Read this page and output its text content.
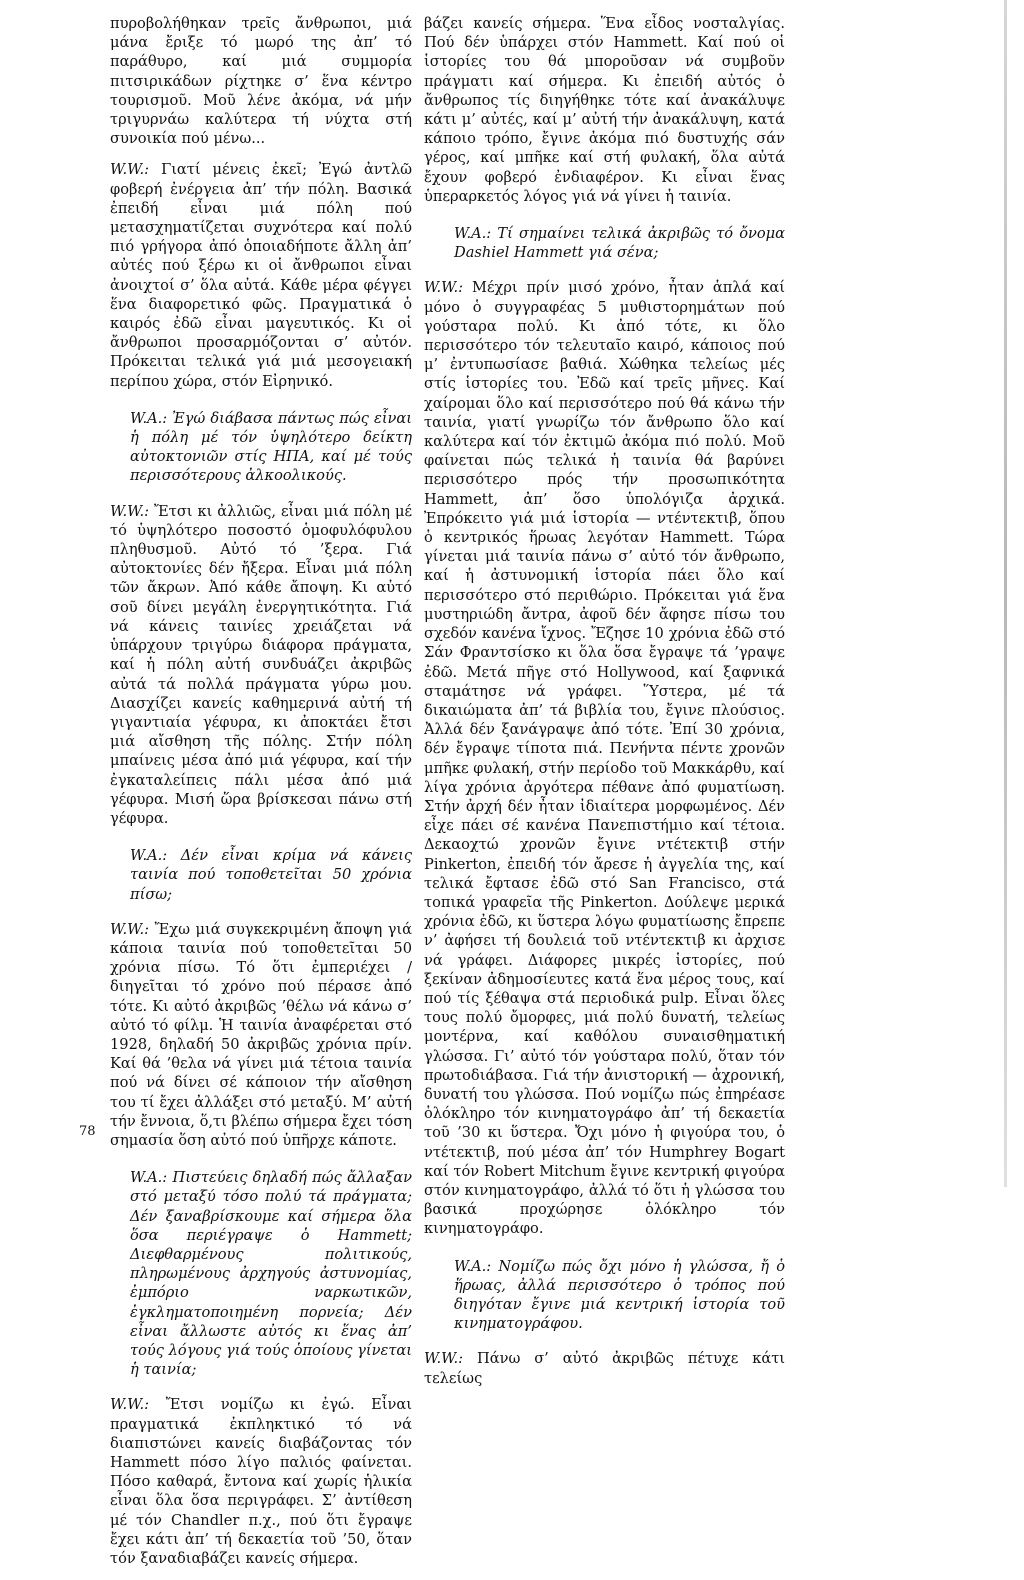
πυροβολήθηκαν τρεῖς ἄνθρωποι, μιά μάνα ἔριξε τό μωρό της ἀπ’ τό παράθυρο, καί μιά συμμορία πιτσιρικάδων ρίχτηκε σ’ ἕνα κέντρο τουρισμοῦ. Μοῦ λένε ἀκόμα, νά μήν τριγυρνάω καλύτερα τή νύχτα στή συνοικία πού μένω...
W.W.: Γιατί μένεις ἐκεῖ; Ἐγώ ἀντλῶ φοβερή ἐνέργεια ἀπ’ τήν πόλη. Βασικά ἐπειδή εἶναι μιά πόλη πού μετασχηματίζεται συχνότερα καί πολύ πιό γρήγορα ἀπό ὁποιαδήποτε ἄλλη ἀπ’ αὐτές πού ξέρω κι οἱ ἄνθρωποι εἶναι ἀνοιχτοί σ’ ὅλα αὐτά. Κάθε μέρα φέγγει ἕνα διαφορετικό φῶς. Πραγματικά ὁ καιρός ἐδῶ εἶναι μαγευτικός. Κι οἱ ἄνθρωποι προσαρμόζονται σ’ αὐτόν. Πρόκειται τελικά γιά μιά μεσογειακή περίπου χώρα, στόν Εἰρηνικό.
W.A.: Ἐγώ διάβασα πάντως πώς εἶναι ἡ πόλη μέ τόν ὑψηλότερο δείκτη αὐτοκτονιῶν στίς ΗΠΑ, καί μέ τούς περισσότερους ἀλκοολικούς.
W.W.: Ἔτσι κι ἀλλιῶς, εἶναι μιά πόλη μέ τό ὑψηλότερο ποσοστό ὁμοφυλόφυλου πληθυσμοῦ. Αὐτό τό ’ξερα. Γιά αὐτοκτονίες δέν ἤξερα. Εἶναι μιά πόλη τῶν ἄκρων. Ἀπό κάθε ἄποψη. Κι αὐτό σοῦ δίνει μεγάλη ἐνεργητικότητα. Γιά νά κάνεις ταινίες χρειάζεται νά ὑπάρχουν τριγύρω διάφορα πράγματα, καί ἡ πόλη αὐτή συνδυάζει ἀκριβῶς αὐτά τά πολλά πράγματα γύρω μου. Διασχίζει κανείς καθημερινά αὐτή τή γιγαντιαία γέφυρα, κι ἀποκτάει ἔτσι μιά αἴσθηση τῆς πόλης. Στήν πόλη μπαίνεις μέσα ἀπό μιά γέφυρα, καί τήν ἐγκαταλείπεις πάλι μέσα ἀπό μιά γέφυρα. Μισή ὥρα βρίσκεσαι πάνω στή γέφυρα.
W.A.: Δέν εἶναι κρίμα νά κάνεις ταινία πού τοποθετεῖται 50 χρόνια πίσω;
W.W.: Ἔχω μιά συγκεκριμένη ἄποψη γιά κάποια ταινία πού τοποθετεῖται 50 χρόνια πίσω. Τό ὅτι ἐμπεριέχει / διηγεῖται τό χρόνο πού πέρασε ἀπό τότε. Κι αὐτό ἀκριβῶς ’θέλω νά κάνω σ’ αὐτό τό φίλμ. Ἡ ταινία ἀναφέρεται στό 1928, δηλαδή 50 ἀκριβῶς χρόνια πρίν. Καί θά ’θελα νά γίνει μιά τέτοια ταινία πού νά δίνει σέ κάποιον τήν αἴσθηση του τί ἔχει ἀλλάξει στό μεταξύ. Μ’ αὐτή τήν ἔννοια, ὅ,τι βλέπω σήμερα ἔχει τόση σημασία ὅση αὐτό πού ὑπῆρχε κάποτε.
W.A.: Πιστεύεις δηλαδή πώς ἄλλαξαν στό μεταξύ τόσο πολύ τά πράγματα; Δέν ξαναβρίσκουμε καί σήμερα ὅλα ὅσα περιέγραψε ὁ Hammett; Διεφθαρμένους πολιτικούς, πληρωμένους ἀρχηγούς ἀστυνομίας, ἐμπόριο ναρκωτικῶν, ἐγκληματοποιημένη πορνεία; Δέν εἶναι ἄλλωστε αὐτός κι ἕνας ἀπ’ τούς λόγους γιά τούς ὁποίους γίνεται ἡ ταινία;
W.W.: Ἔτσι νομίζω κι ἐγώ. Εἶναι πραγματικά ἐκπληκτικό τό νά διαπιστώνει κανείς διαβάζοντας τόν Hammett πόσο λίγο παλιός φαίνεται. Πόσο καθαρά, ἔντονα καί χωρίς ἡλικία εἶναι ὅλα ὅσα περιγράφει. Σ’ ἀντίθεση μέ τόν Chandler π.χ., πού ὅτι ἔγραψε ἔχει κάτι ἀπ’ τή δεκαετία τοῦ ’50, ὅταν τόν ξαναδιαβάζει κανείς σήμερα.
βάζει κανείς σήμερα. Ἕνα εἶδος νοσταλγίας. Πού δέν ὑπάρχει στόν Hammett. Καί πού οἱ ἱστορίες του θά μποροῦσαν νά συμβοῦν πράγματι καί σήμερα. Κι ἐπειδή αὐτός ὁ ἄνθρωπος τίς διηγήθηκε τότε καί ἀνακάλυψε κάτι μ’ αὐτές, καί μ’ αὐτή τήν ἀνακάλυψη, κατά κάποιο τρόπο, ἔγινε ἀκόμα πιό δυστυχής σάν γέρος, καί μπῆκε καί στή φυλακή, ὅλα αὐτά ἔχουν φοβερό ἐνδιαφέρον. Κι εἶναι ἕνας ὑπεραρκετός λόγος γιά νά γίνει ἡ ταινία.
W.A.: Τί σημαίνει τελικά ἀκριβῶς τό ὄνομα Dashiel Hammett γιά σένα;
W.W.: Μέχρι πρίν μισό χρόνο, ἦταν ἁπλά καί μόνο ὁ συγγραφέας 5 μυθιστορημάτων πού γούσταρα πολύ. Κι ἀπό τότε, κι ὅλο περισσότερο τόν τελευταῖο καιρό, κάποιος πού μ’ ἐντυπωσίασε βαθιά. Χώθηκα τελείως μές στίς ἱστορίες του. Ἐδῶ καί τρεῖς μῆνες. Καί χαίρομαι ὅλο καί περισσότερο πού θά κάνω τήν ταινία, γιατί γνωρίζω τόν ἄνθρωπο ὅλο καί καλύτερα καί τόν ἐκτιμῶ ἀκόμα πιό πολύ. Μοῦ φαίνεται πώς τελικά ἡ ταινία θά βαρύνει περισσότερο πρός τήν προσωπικότητα Hammett, ἀπ’ ὅσο ὑπολόγιζα ἀρχικά. Ἐπρόκειτο γιά μιά ἱστορία — ντέντεκτιβ, ὅπου ὁ κεντρικός ἥρωας λεγόταν Hammett. Τώρα γίνεται μιά ταινία πάνω σ’ αὐτό τόν ἄνθρωπο, καί ἡ ἀστυνομική ἱστορία πάει ὅλο καί περισσότερο στό περιθώριο. Πρόκειται γιά ἕνα μυστηριώδη ἄντρα, ἀφοῦ δέν ἄφησε πίσω του σχεδόν κανένα ἴχνος. Ἔζησε 10 χρόνια ἐδῶ στό Σάν Φραντσίσκο κι ὅλα ὅσα ἔγραψε τά ’γραψε ἐδῶ. Μετά πῆγε στό Hollywood, καί ξαφνικά σταμάτησε νά γράφει. Ὕστερα, μέ τά δικαιώματα ἀπ’ τά βιβλία του, ἔγινε πλούσιος. Ἀλλά δέν ξανάγραψε ἀπό τότε. Ἐπί 30 χρόνια, δέν ἔγραψε τίποτα πιά. Πενήντα πέντε χρονῶν μπῆκε φυλακή, στήν περίοδο τοῦ Μακκάρθυ, καί λίγα χρόνια ἀργότερα πέθανε ἀπό φυματίωση. Στήν ἀρχή δέν ἦταν ἰδιαίτερα μορφωμένος. Δέν εἶχε πάει σέ κανένα Πανεπιστήμιο καί τέτοια. Δεκαοχτώ χρονῶν ἔγινε ντέτεκτιβ στήν Pinkerton, ἐπειδή τόν ἄρεσε ἡ ἀγγελία της, καί τελικά ἔφτασε ἐδῶ στό San Francisco, στά τοπικά γραφεῖα τῆς Pinkerton. Δούλεψε μερικά χρόνια ἐδῶ, κι ὕστερα λόγω φυματίωσης ἔπρεπε ν’ ἀφήσει τή δουλειά τοῦ ντέντεκτιβ κι ἀρχισε νά γράφει. Διάφορες μικρές ἱστορίες, πού ξεκίναν ἀδημοσίευτες κατά ἕνα μέρος τους, καί πού τίς ξέθαψα στά περιοδικά pulp. Εἶναι ὅλες τους πολύ ὄμορφες, μιά πολύ δυνατή, τελείως μοντέρνα, καί καθόλου συναισθηματική γλώσσα. Γι’ αὐτό τόν γούσταρα πολύ, ὅταν τόν πρωτοδιάβασα. Γιά τήν ἀνιστορική — ἀχρονική, δυνατή του γλώσσα. Πού νομίζω πώς ἐπηρέασε ὁλόκληρο τόν κινηματογράφο ἀπ’ τή δεκαετία τοῦ ’30 κι ὕστερα. Ὄχι μόνο ἡ φιγούρα του, ὁ ντέτεκτιβ, πού μέσα ἀπ’ τόν Humphrey Bogart καί τόν Robert Mitchum ἔγινε κεντρική φιγούρα στόν κινηματογράφο, ἀλλά τό ὅτι ἡ γλώσσα του βασικά προχώρησε ὁλόκληρο τόν κινηματογράφο.
W.A.: Νομίζω πώς ὄχι μόνο ἡ γλώσσα, ἤ ὁ ἥρωας, ἀλλά περισσότερο ὁ τρόπος πού διηγόταν ἔγινε μιά κεντρική ἱστορία τοῦ κινηματογράφου.
W.W.: Πάνω σ’ αὐτό ἀκριβῶς πέτυχε κάτι τελείως
78
